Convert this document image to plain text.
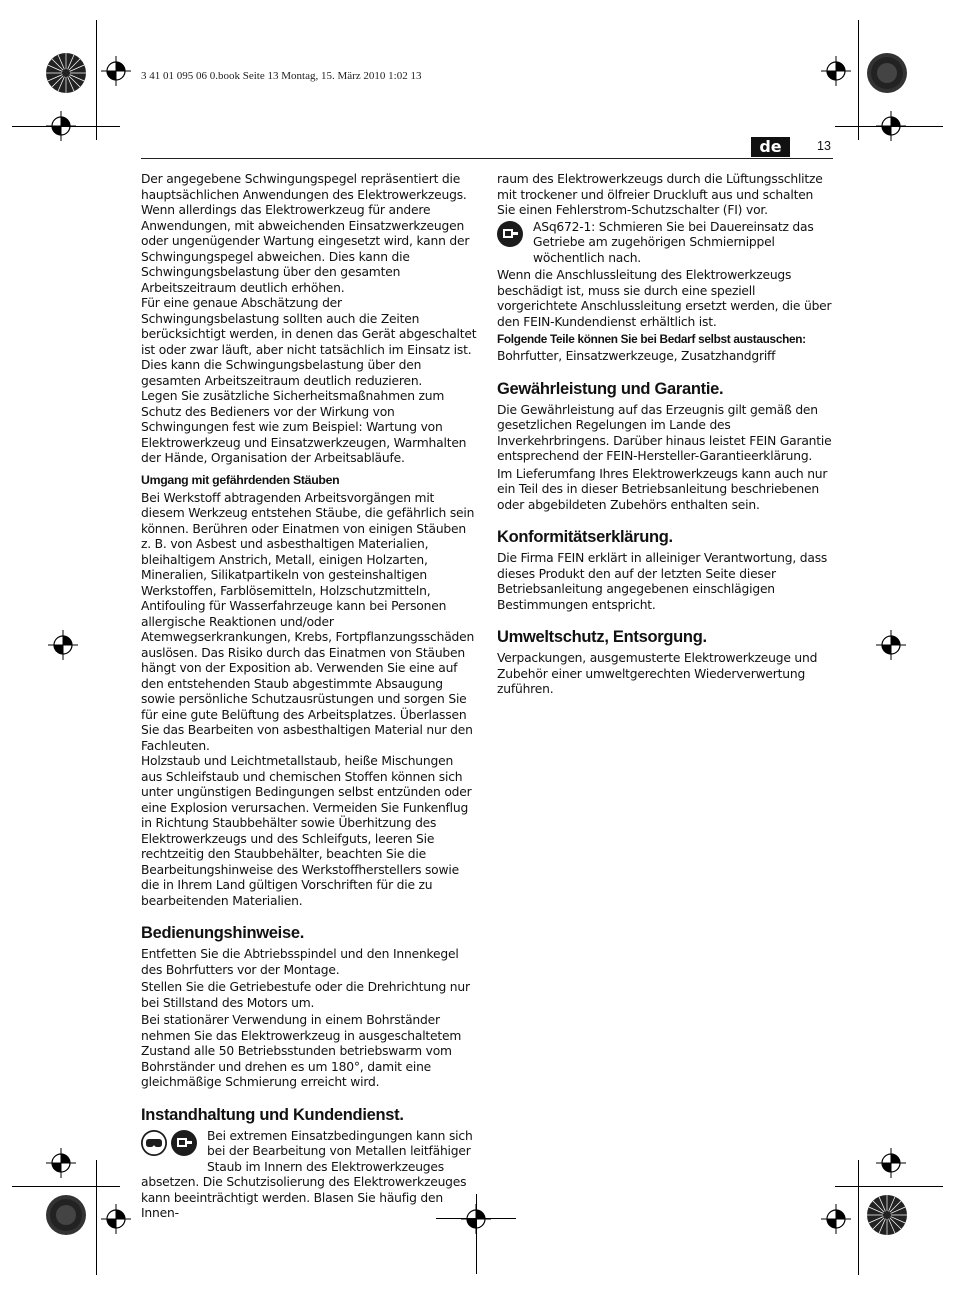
3 41 01 095 06 0.book Seite 13 Montag, 15. März 2010 1:02 13
de	13

Der angegebene Schwingungspegel repräsentiert die hauptsächlichen Anwendungen des Elektrowerkzeugs. Wenn allerdings das Elektrowerkzeug für andere Anwendungen, mit abweichenden Einsatzwerkzeugen oder ungenügender Wartung eingesetzt wird, kann der Schwingungspegel abweichen. Dies kann die Schwingungsbelastung über den gesamten Arbeitszeitraum deutlich erhöhen.

Für eine genaue Abschätzung der Schwingungsbelastung sollten auch die Zeiten berücksichtigt werden, in denen das Gerät abgeschaltet ist oder zwar läuft, aber nicht tatsächlich im Einsatz ist. Dies kann die Schwingungsbelastung über den gesamten Arbeitszeitraum deutlich reduzieren.

Legen Sie zusätzliche Sicherheitsmaßnahmen zum Schutz des Bedieners vor der Wirkung von Schwingungen fest wie zum Beispiel: Wartung von Elektrowerkzeug und Einsatzwerkzeugen, Warmhalten der Hände, Organisation der Arbeitsabläufe.

Umgang mit gefährdenden Stäuben

Bei Werkstoff abtragenden Arbeitsvorgängen mit diesem Werkzeug entstehen Stäube, die gefährlich sein können. Berühren oder Einatmen von einigen Stäuben z. B. von Asbest und asbesthaltigen Materialien, bleihaltigem Anstrich, Metall, einigen Holzarten, Mineralien, Silikatpartikeln von gesteinshaltigen Werkstoffen, Farblösemitteln, Holzschutzmitteln, Antifouling für Wasserfahrzeuge kann bei Personen allergische Reaktionen und/oder Atemwegserkrankungen, Krebs, Fortpflanzungsschäden auslösen. Das Risiko durch das Einatmen von Stäuben hängt von der Exposition ab. Verwenden Sie eine auf den entstehenden Staub abgestimmte Absaugung sowie persönliche Schutzausrüstungen und sorgen Sie für eine gute Belüftung des Arbeitsplatzes. Überlassen Sie das Bearbeiten von asbesthaltigen Material nur den Fachleuten.

Holzstaub und Leichtmetallstaub, heiße Mischungen aus Schleifstaub und chemischen Stoffen können sich unter ungünstigen Bedingungen selbst entzünden oder eine Explosion verursachen. Vermeiden Sie Funkenflug in Richtung Staubbehälter sowie Überhitzung des Elektrowerkzeugs und des Schleifguts, leeren Sie rechtzeitig den Staubbehälter, beachten Sie die Bearbeitungshinweise des Werkstoffherstellers sowie die in Ihrem Land gültigen Vorschriften für die zu bearbeitenden Materialien.

Bedienungshinweise.

Entfetten Sie die Abtriebsspindel und den Innenkegel des Bohrfutters vor der Montage.

Stellen Sie die Getriebestufe oder die Drehrichtung nur bei Stillstand des Motors um.

Bei stationärer Verwendung in einem Bohrständer nehmen Sie das Elektrowerkzeug in ausgeschaltetem Zustand alle 50 Betriebsstunden betriebswarm vom Bohrständer und drehen es um 180°, damit eine gleichmäßige Schmierung erreicht wird.

Instandhaltung und Kundendienst.

Bei extremen Einsatzbedingungen kann sich bei der Bearbeitung von Metallen leitfähiger Staub im Innern des Elektrowerkzeuges

absetzen. Die Schutzisolierung des Elektrowerkzeuges kann beeinträchtigt werden. Blasen Sie häufig den Innen-

raum des Elektrowerkzeugs durch die Lüftungsschlitze mit trockener und ölfreier Druckluft aus und schalten Sie einen Fehlerstrom-Schutzschalter (FI) vor.

ASq672-1: Schmieren Sie bei Dauereinsatz das Getriebe am zugehörigen Schmiernippel wöchentlich nach.

Wenn die Anschlussleitung des Elektrowerkzeugs beschädigt ist, muss sie durch eine speziell vorgerichtete Anschlussleitung ersetzt werden, die über den FEIN-Kundendienst erhältlich ist.

Folgende Teile können Sie bei Bedarf selbst austauschen:

Bohrfutter, Einsatzwerkzeuge, Zusatzhandgriff

Gewährleistung und Garantie.

Die Gewährleistung auf das Erzeugnis gilt gemäß den gesetzlichen Regelungen im Lande des Inverkehrbringens. Darüber hinaus leistet FEIN Garantie entsprechend der FEIN-Hersteller-Garantieerklärung.

Im Lieferumfang Ihres Elektrowerkzeugs kann auch nur ein Teil des in dieser Betriebsanleitung beschriebenen oder abgebildeten Zubehörs enthalten sein.

Konformitätserklärung.

Die Firma FEIN erklärt in alleiniger Verantwortung, dass dieses Produkt den auf der letzten Seite dieser Betriebsanleitung angegebenen einschlägigen Bestimmungen entspricht.

Umweltschutz, Entsorgung.

Verpackungen, ausgemusterte Elektrowerkzeuge und Zubehör einer umweltgerechten Wiederverwertung zuführen.
